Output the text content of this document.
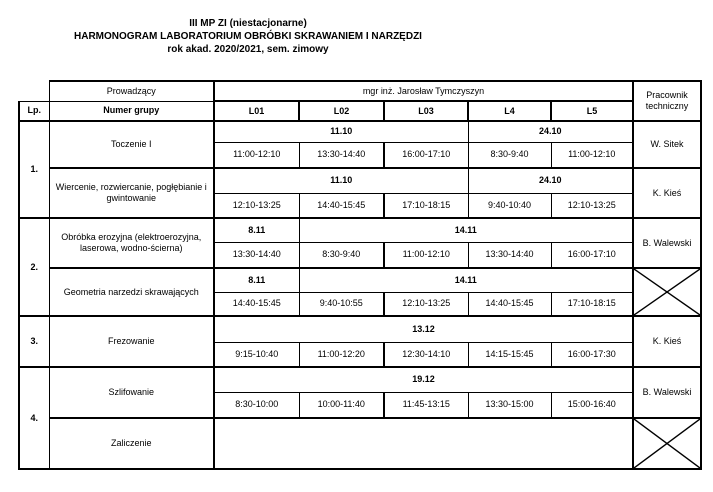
III MP ZI (niestacjonarne)
HARMONOGRAM LABORATORIUM OBRÓBKI SKRAWANIEM I NARZĘDZI
rok akad. 2020/2021, sem. zimowy
	Prowadzący	mgr inż. Jarosław Tymczyszyn					Pracownik techniczny
Lp.	Numer grupy	L01	L02	L03	L4	L5	
1.	Toczenie I	11.10			24.10		W. Sitek
		11:00-12:10	13:30-14:40	16:00-17:10	8:30-9:40	11:00-12:10	
	Wiercenie, rozwiercanie, pogłębianie i gwintowanie	11.10			24.10		K. Kieś
		12:10-13:25	14:40-15:45	17:10-18:15	9:40-10:40	12:10-13:25	
2.	Obróbka erozyjna (elektroerozyjna, laserowa, wodno-ścierna)	8.11	14.11				B. Walewski
		13:30-14:40	8:30-9:40	11:00-12:10	13:30-14:40	16:00-17:10	
	Geometria narzedzi skrawających	8.11	14.11	

		14:40-15:45	9:40-10:55	12:10-13:25	14:40-15:45	17:10-18:15	
3.	Frezowanie	13.12					K. Kieś
		9:15-10:40	11:00-12:20	12:30-14:10	14:15-15:45	16:00-17:30	
4.	Szlifowanie	19.12					B. Walewski
		8:30-10:00	10:00-11:40	11:45-13:15	13:30-15:00	15:00-16:40	
	Zaliczenie		
